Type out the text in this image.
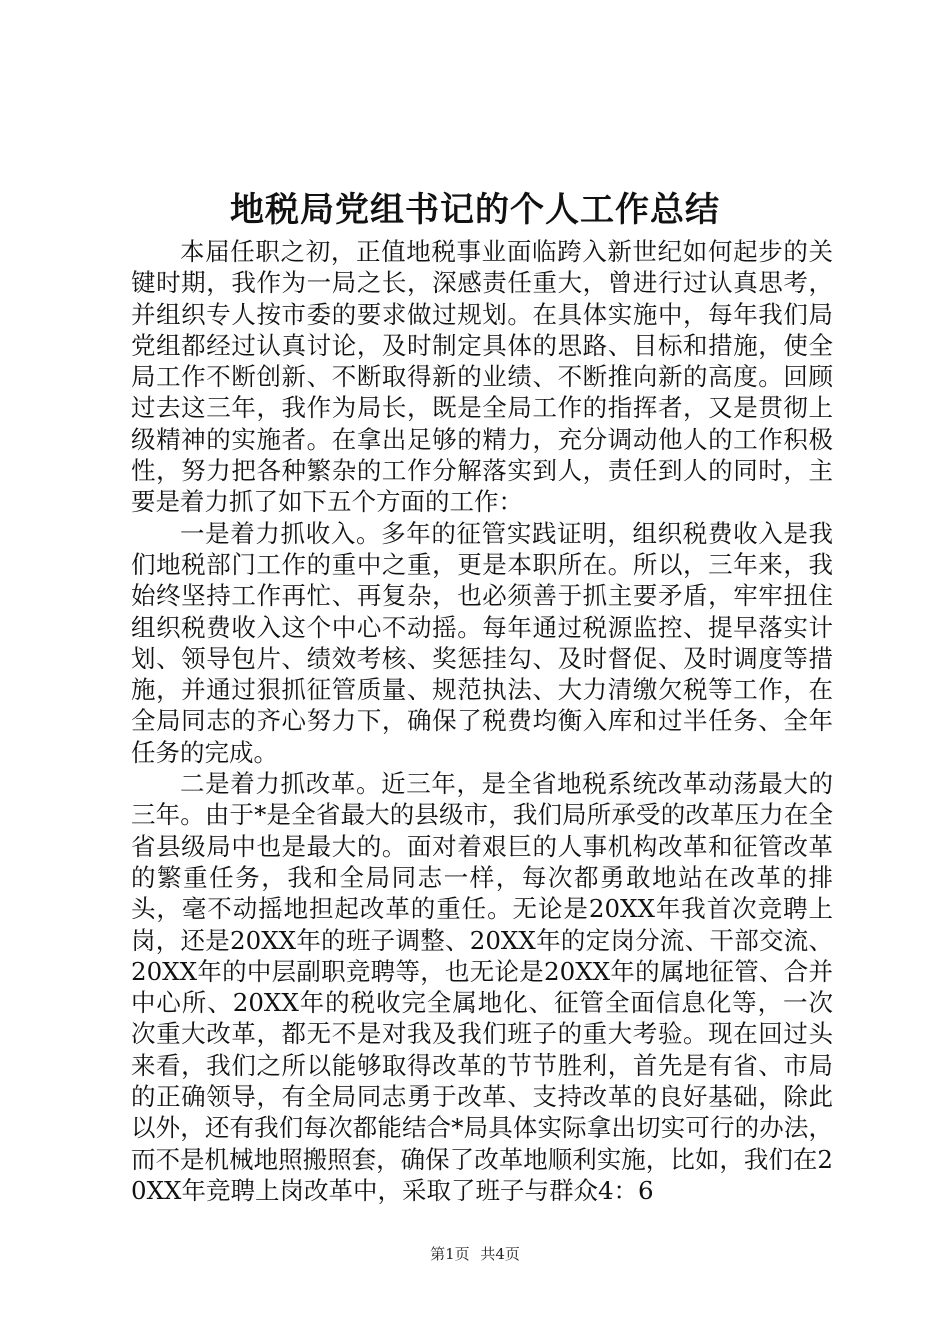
地税局党组书记的个人工作总结

本届任职之初，正值地税事业面临跨入新世纪如何起步的关键时期，我作为一局之长，深感责任重大，曾进行过认真思考，并组织专人按市委的要求做过规划。在具体实施中，每年我们局党组都经过认真讨论，及时制定具体的思路、目标和措施，使全局工作不断创新、不断取得新的业绩、不断推向新的高度。回顾过去这三年，我作为局长，既是全局工作的指挥者，又是贯彻上级精神的实施者。在拿出足够的精力，充分调动他人的工作积极性，努力把各种繁杂的工作分解落实到人，责任到人的同时，主要是着力抓了如下五个方面的工作：

一是着力抓收入。多年的征管实践证明，组织税费收入是我们地税部门工作的重中之重，更是本职所在。所以，三年来，我始终坚持工作再忙、再复杂，也必须善于抓主要矛盾，牢牢扭住组织税费收入这个中心不动摇。每年通过税源监控、提早落实计划、领导包片、绩效考核、奖惩挂勾、及时督促、及时调度等措施，并通过狠抓征管质量、规范执法、大力清缴欠税等工作，在全局同志的齐心努力下，确保了税费均衡入库和过半任务、全年任务的完成。

二是着力抓改革。近三年，是全省地税系统改革动荡最大的三年。由于*是全省最大的县级市，我们局所承受的改革压力在全省县级局中也是最大的。面对着艰巨的人事机构改革和征管改革的繁重任务，我和全局同志一样，每次都勇敢地站在改革的排头，毫不动摇地担起改革的重任。无论是20XX年我首次竞聘上岗，还是20XX年的班子调整、20XX年的定岗分流、干部交流、20XX年的中层副职竞聘等，也无论是20XX年的属地征管、合并中心所、20XX年的税收完全属地化、征管全面信息化等，一次次重大改革，都无不是对我及我们班子的重大考验。现在回过头来看，我们之所以能够取得改革的节节胜利，首先是有省、市局的正确领导，有全局同志勇于改革、支持改革的良好基础，除此以外，还有我们每次都能结合*局具体实际拿出切实可行的办法，而不是机械地照搬照套，确保了改革地顺利实施，比如，我们在20XX年竞聘上岗改革中，采取了班子与群众4：6

第1页 共4页
